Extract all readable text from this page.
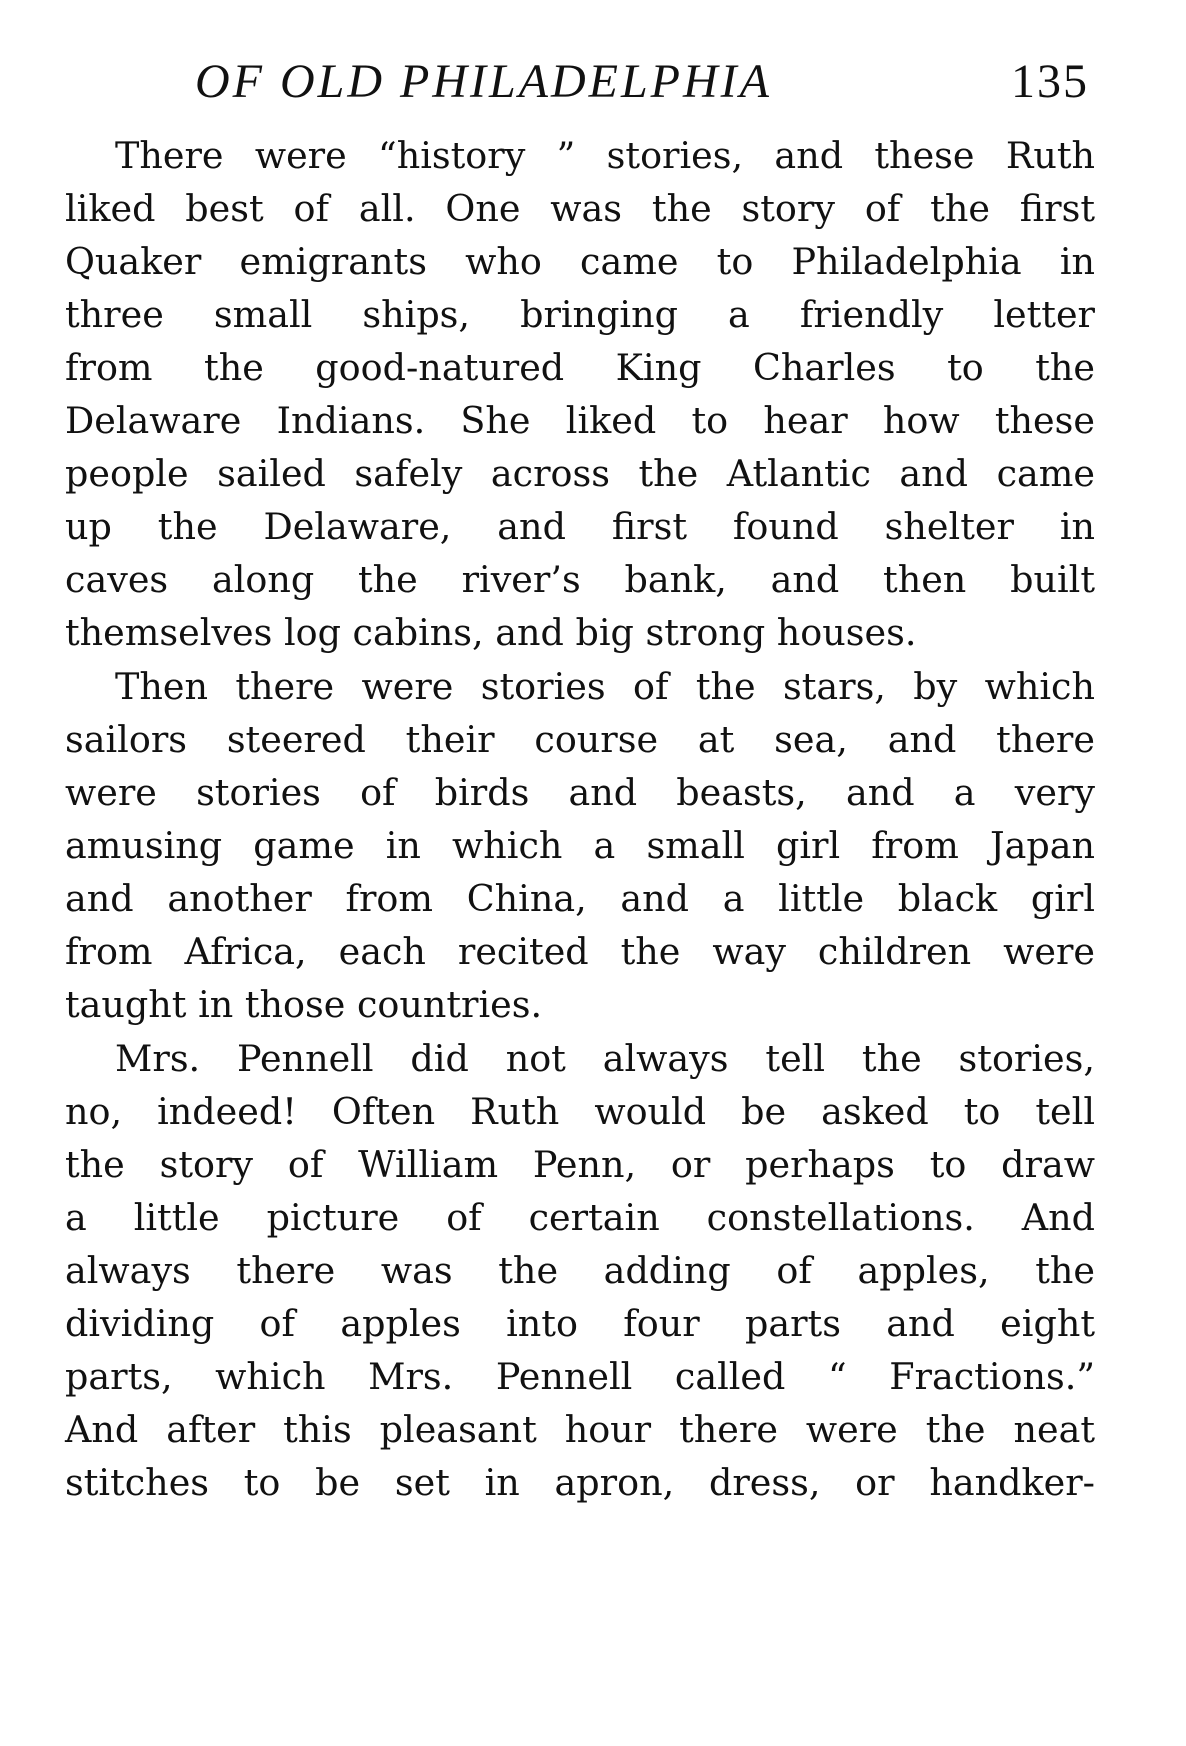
OF OLD PHILADELPHIA	135
There were “history ” stories, and these Ruth
liked best of all. One was the story of the first
Quaker emigrants who came to Philadelphia in
three small ships, bringing a friendly letter
from the good-natured King Charles to the
Delaware Indians. She liked to hear how these
people sailed safely across the Atlantic and came
up the Delaware, and first found shelter in
caves along the river’s bank, and then built
themselves log cabins, and big strong houses.
Then there were stories of the stars, by which
sailors steered their course at sea, and there
were stories of birds and beasts, and a very
amusing game in which a small girl from Japan
and another from China, and a little black girl
from Africa, each recited the way children were
taught in those countries.
Mrs. Pennell did not always tell the stories,
no, indeed! Often Ruth would be asked to tell
the story of William Penn, or perhaps to draw
a little picture of certain constellations. And
always there was the adding of apples, the
dividing of apples into four parts and eight
parts, which Mrs. Pennell called “ Fractions.”
And after this pleasant hour there were the neat
stitches to be set in apron, dress, or handker-
